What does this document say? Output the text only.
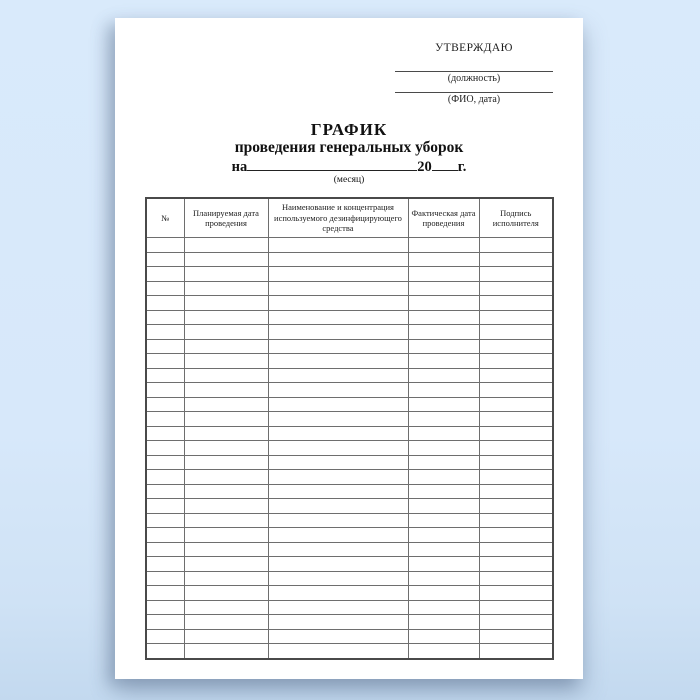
УТВЕРЖДАЮ
(должность)
(ФИО, дата)
ГРАФИК
проведения генеральных уборок
на	20 г.
(месяц)
№	Планируемая дата проведения	Наименование и концентрация используемого дезинфицирующего средства	Фактическая дата проведения	Подпись исполнителя
